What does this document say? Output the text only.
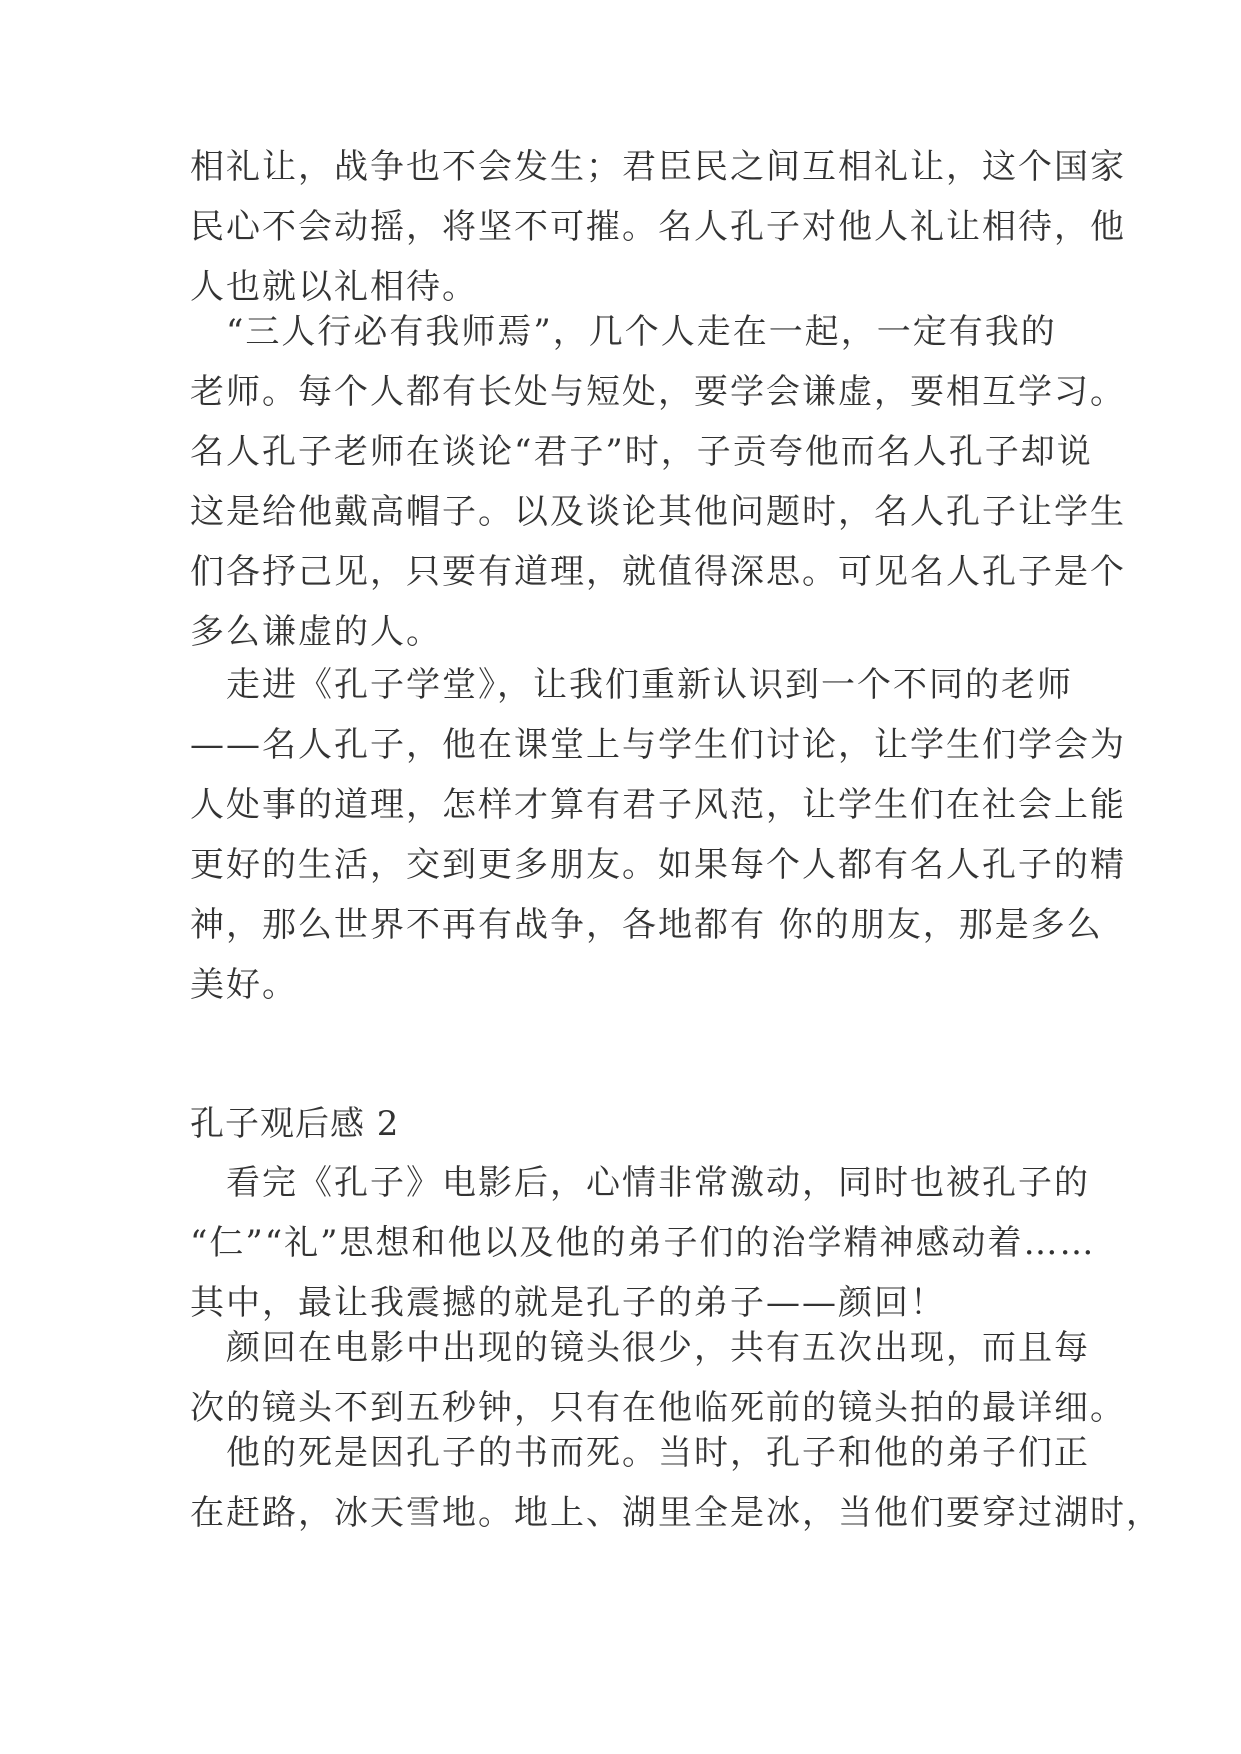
相礼让，战争也不会发生；君臣民之间互相礼让，这个国家
民心不会动摇，将坚不可摧。名人孔子对他人礼让相待，他
人也就以礼相待。
　“三人行必有我师焉”，几个人走在一起，一定有我的
老师。每个人都有长处与短处，要学会谦虚，要相互学习。
名人孔子老师在谈论“君子”时，子贡夸他而名人孔子却说
这是给他戴高帽子。以及谈论其他问题时，名人孔子让学生
们各抒己见，只要有道理，就值得深思。可见名人孔子是个
多么谦虚的人。
　走进《孔子学堂》，让我们重新认识到一个不同的老师
——名人孔子，他在课堂上与学生们讨论，让学生们学会为
人处事的道理，怎样才算有君子风范，让学生们在社会上能
更好的生活，交到更多朋友。如果每个人都有名人孔子的精
神，那么世界不再有战争，各地都有 你的朋友，那是多么
美好。
孔子观后感 2
　看完《孔子》电影后，心情非常激动，同时也被孔子的
“仁”“礼”思想和他以及他的弟子们的治学精神感动着……
其中，最让我震撼的就是孔子的弟子——颜回！
　颜回在电影中出现的镜头很少，共有五次出现，而且每
次的镜头不到五秒钟，只有在他临死前的镜头拍的最详细。
　他的死是因孔子的书而死。当时，孔子和他的弟子们正
在赶路，冰天雪地。地上、湖里全是冰，当他们要穿过湖时，
